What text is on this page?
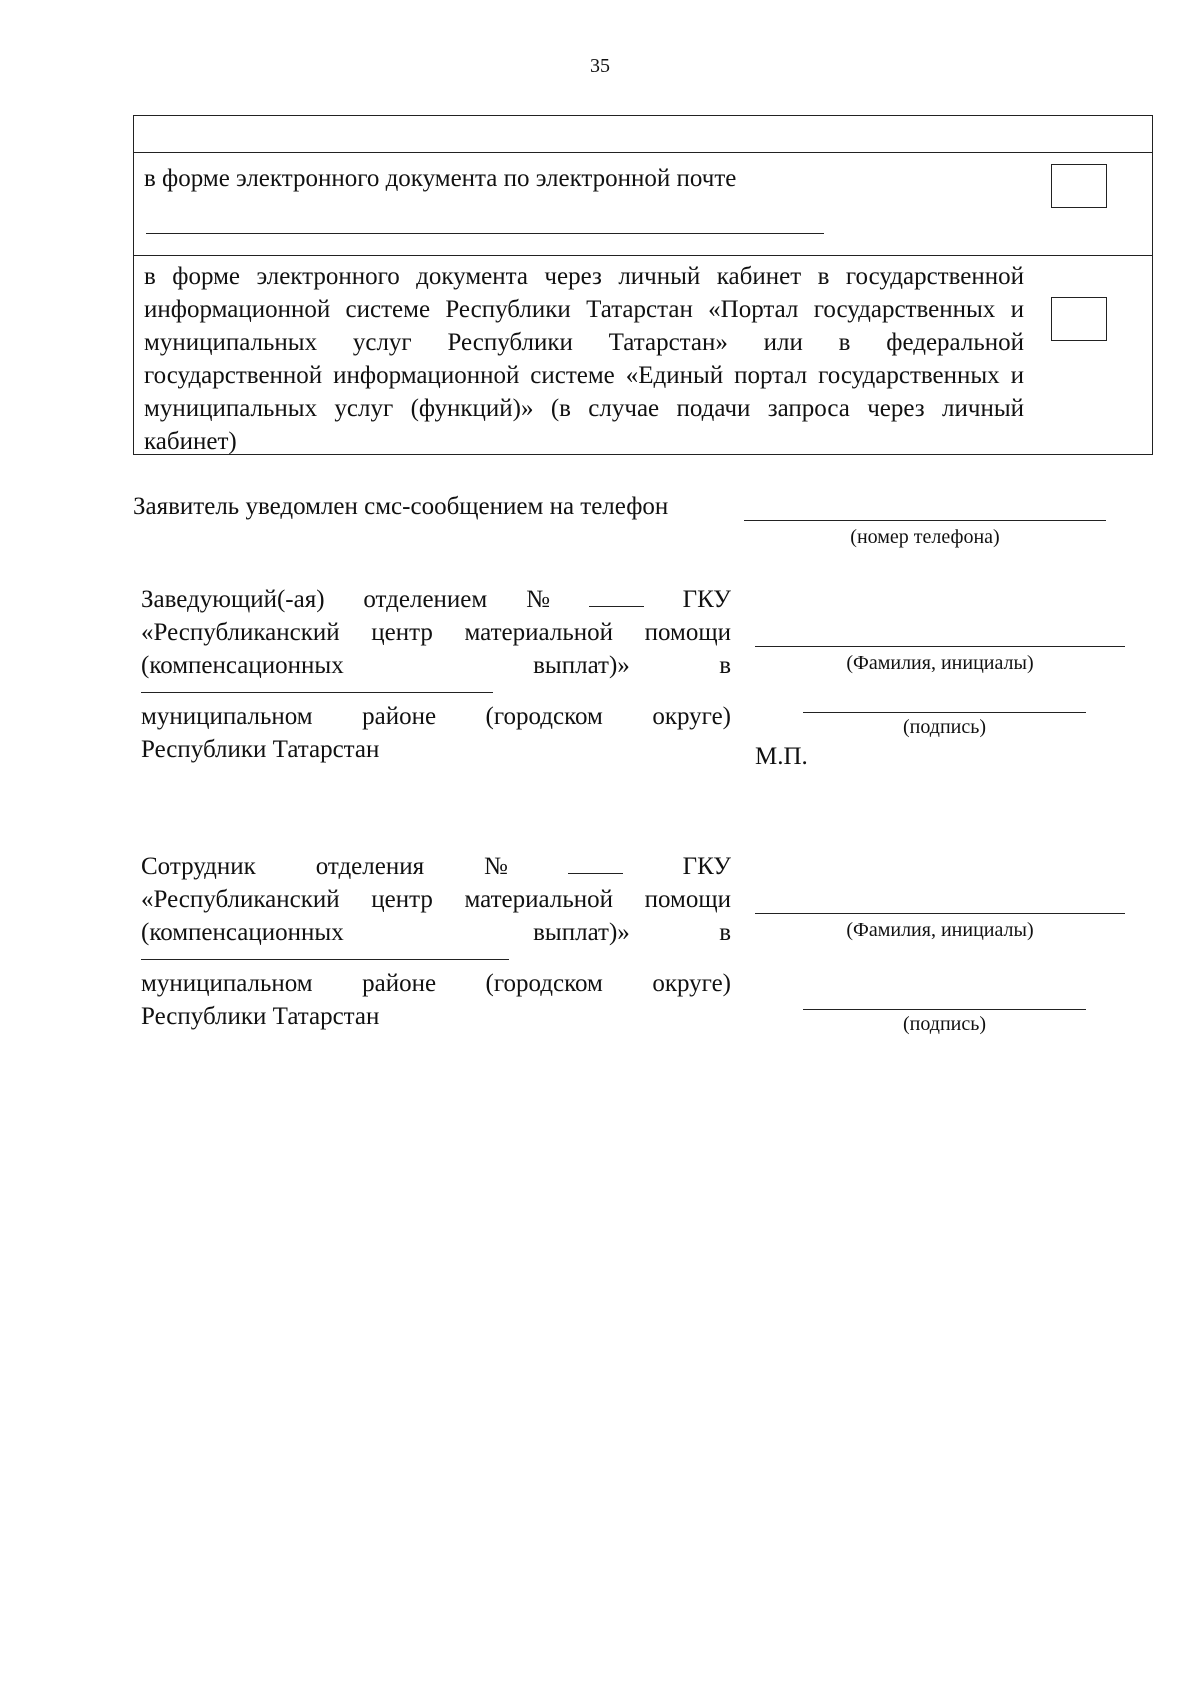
35
в форме электронного документа по электронной почте
в форме электронного документа через личный кабинет в государственной информационной системе Республики Татарстан «Портал государственных и муниципальных услуг Республики Татарстан» или в федеральной государственной информационной системе «Единый портал государственных и муниципальных услуг (функций)» (в случае подачи запроса через личный кабинет)
Заявитель уведомлен смс-сообщением на телефон
(номер телефона)
Заведующий(-ая) отделением №	ГКУ
«Республиканский центр материальной помощи
(компенсационных	выплат)»	в
муниципальном районе (городском округе)
Республики Татарстан
(Фамилия, инициалы)
(подпись)
М.П.
Сотрудник отделения №	ГКУ
«Республиканский центр материальной помощи
(компенсационных	выплат)»	в
муниципальном районе (городском округе)
Республики Татарстан
(Фамилия, инициалы)
(подпись)
